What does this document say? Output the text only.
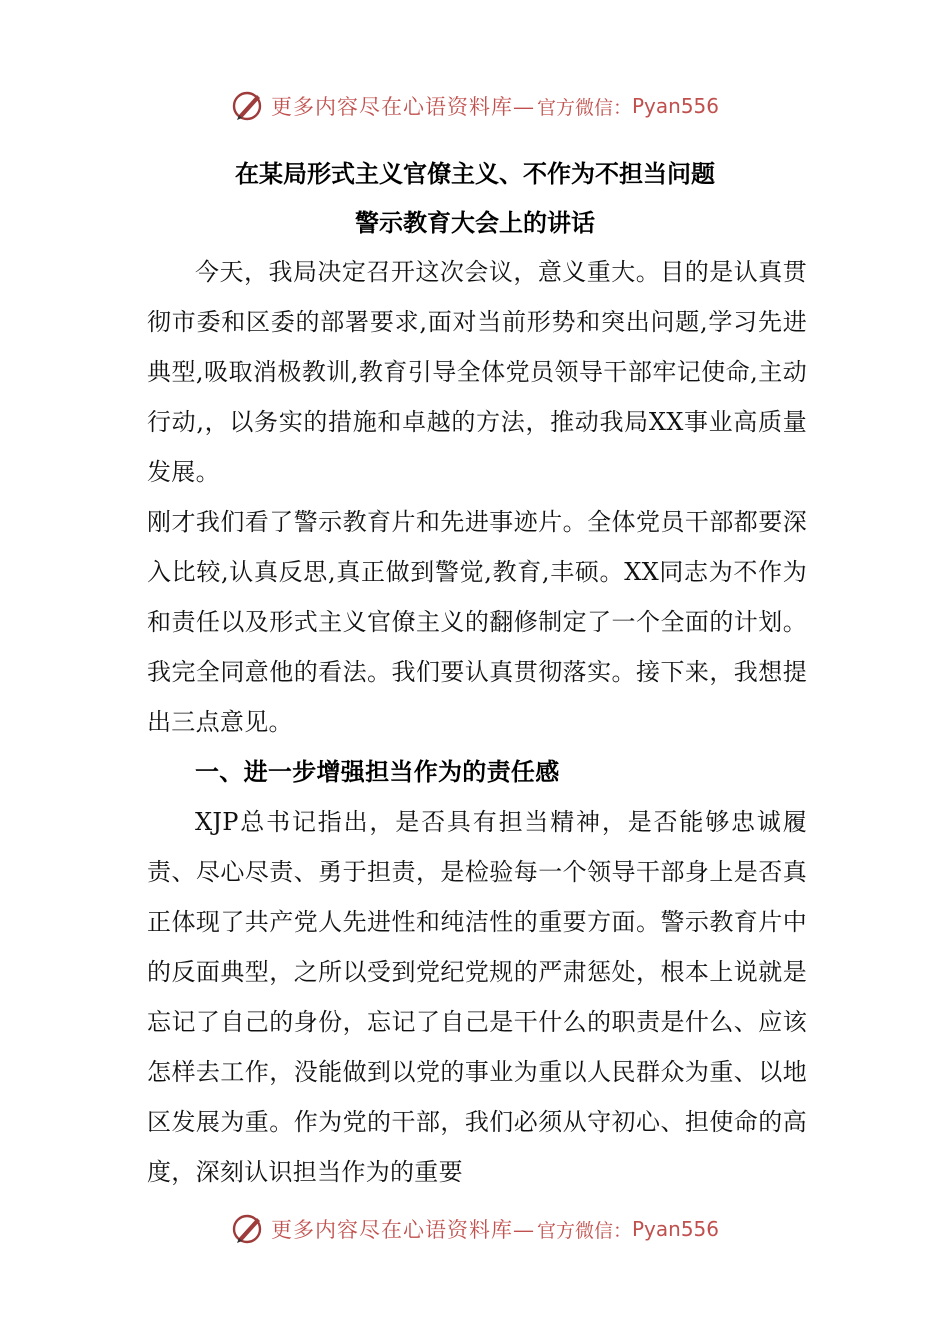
更多内容尽在心语资料库— 官方微信： Pyan556
在某局形式主义官僚主义、不作为不担当问题
警示教育大会上的讲话

今天，我局决定召开这次会议，意义重大。目的是认真贯彻市委和区委的部署要求,面对当前形势和突出问题,学习先进典型,吸取消极教训,教育引导全体党员领导干部牢记使命,主动行动,，以务实的措施和卓越的方法，推动我局XX事业高质量发展。

刚才我们看了警示教育片和先进事迹片。全体党员干部都要深入比较,认真反思,真正做到警觉,教育,丰硕。XX同志为不作为和责任以及形式主义官僚主义的翻修制定了一个全面的计划。我完全同意他的看法。我们要认真贯彻落实。接下来，我想提出三点意见。

一、进一步增强担当作为的责任感

XJP总书记指出，是否具有担当精神，是否能够忠诚履责、尽心尽责、勇于担责，是检验每一个领导干部身上是否真正体现了共产党人先进性和纯洁性的重要方面。警示教育片中的反面典型，之所以受到党纪党规的严肃惩处，根本上说就是忘记了自己的身份，忘记了自己是干什么的职责是什么、应该怎样去工作，没能做到以党的事业为重以人民群众为重、以地区发展为重。作为党的干部，我们必须从守初心、担使命的高度，深刻认识担当作为的重要

更多内容尽在心语资料库— 官方微信： Pyan556
